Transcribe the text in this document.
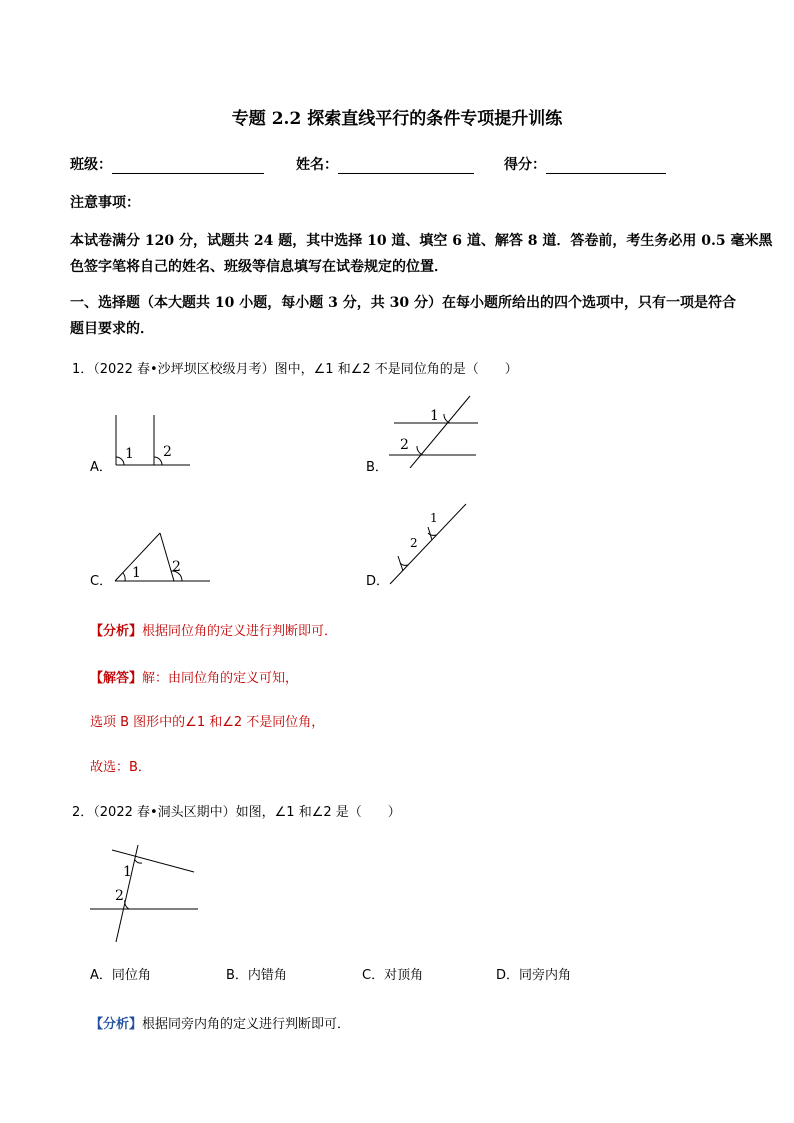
专题 2.2 探索直线平行的条件专项提升训练
班级：	姓名：	得分：
注意事项：
本试卷满分 120 分，试题共 24 题，其中选择 10 道、填空 6 道、解答 8 道．答卷前，考生务必用 0.5 毫米黑
色签字笔将自己的姓名、班级等信息填写在试卷规定的位置．
一、选择题（本大题共 10 小题，每小题 3 分，共 30 分）在每小题所给出的四个选项中，只有一项是符合
题目要求的．
1．（2022 春•沙坪坝区校级月考）图中，∠1 和∠2 不是同位角的是（　　）
A．	B．
C．	D．
1 2
1
2
1 2
1
2
【分析】根据同位角的定义进行判断即可．
【解答】解：由同位角的定义可知，
选项 B 图形中的∠1 和∠2 不是同位角，
故选：B．
2．（2022 春•洞头区期中）如图，∠1 和∠2 是（　　）
1
2
A．同位角	B．内错角	C．对顶角	D．同旁内角
【分析】根据同旁内角的定义进行判断即可．
